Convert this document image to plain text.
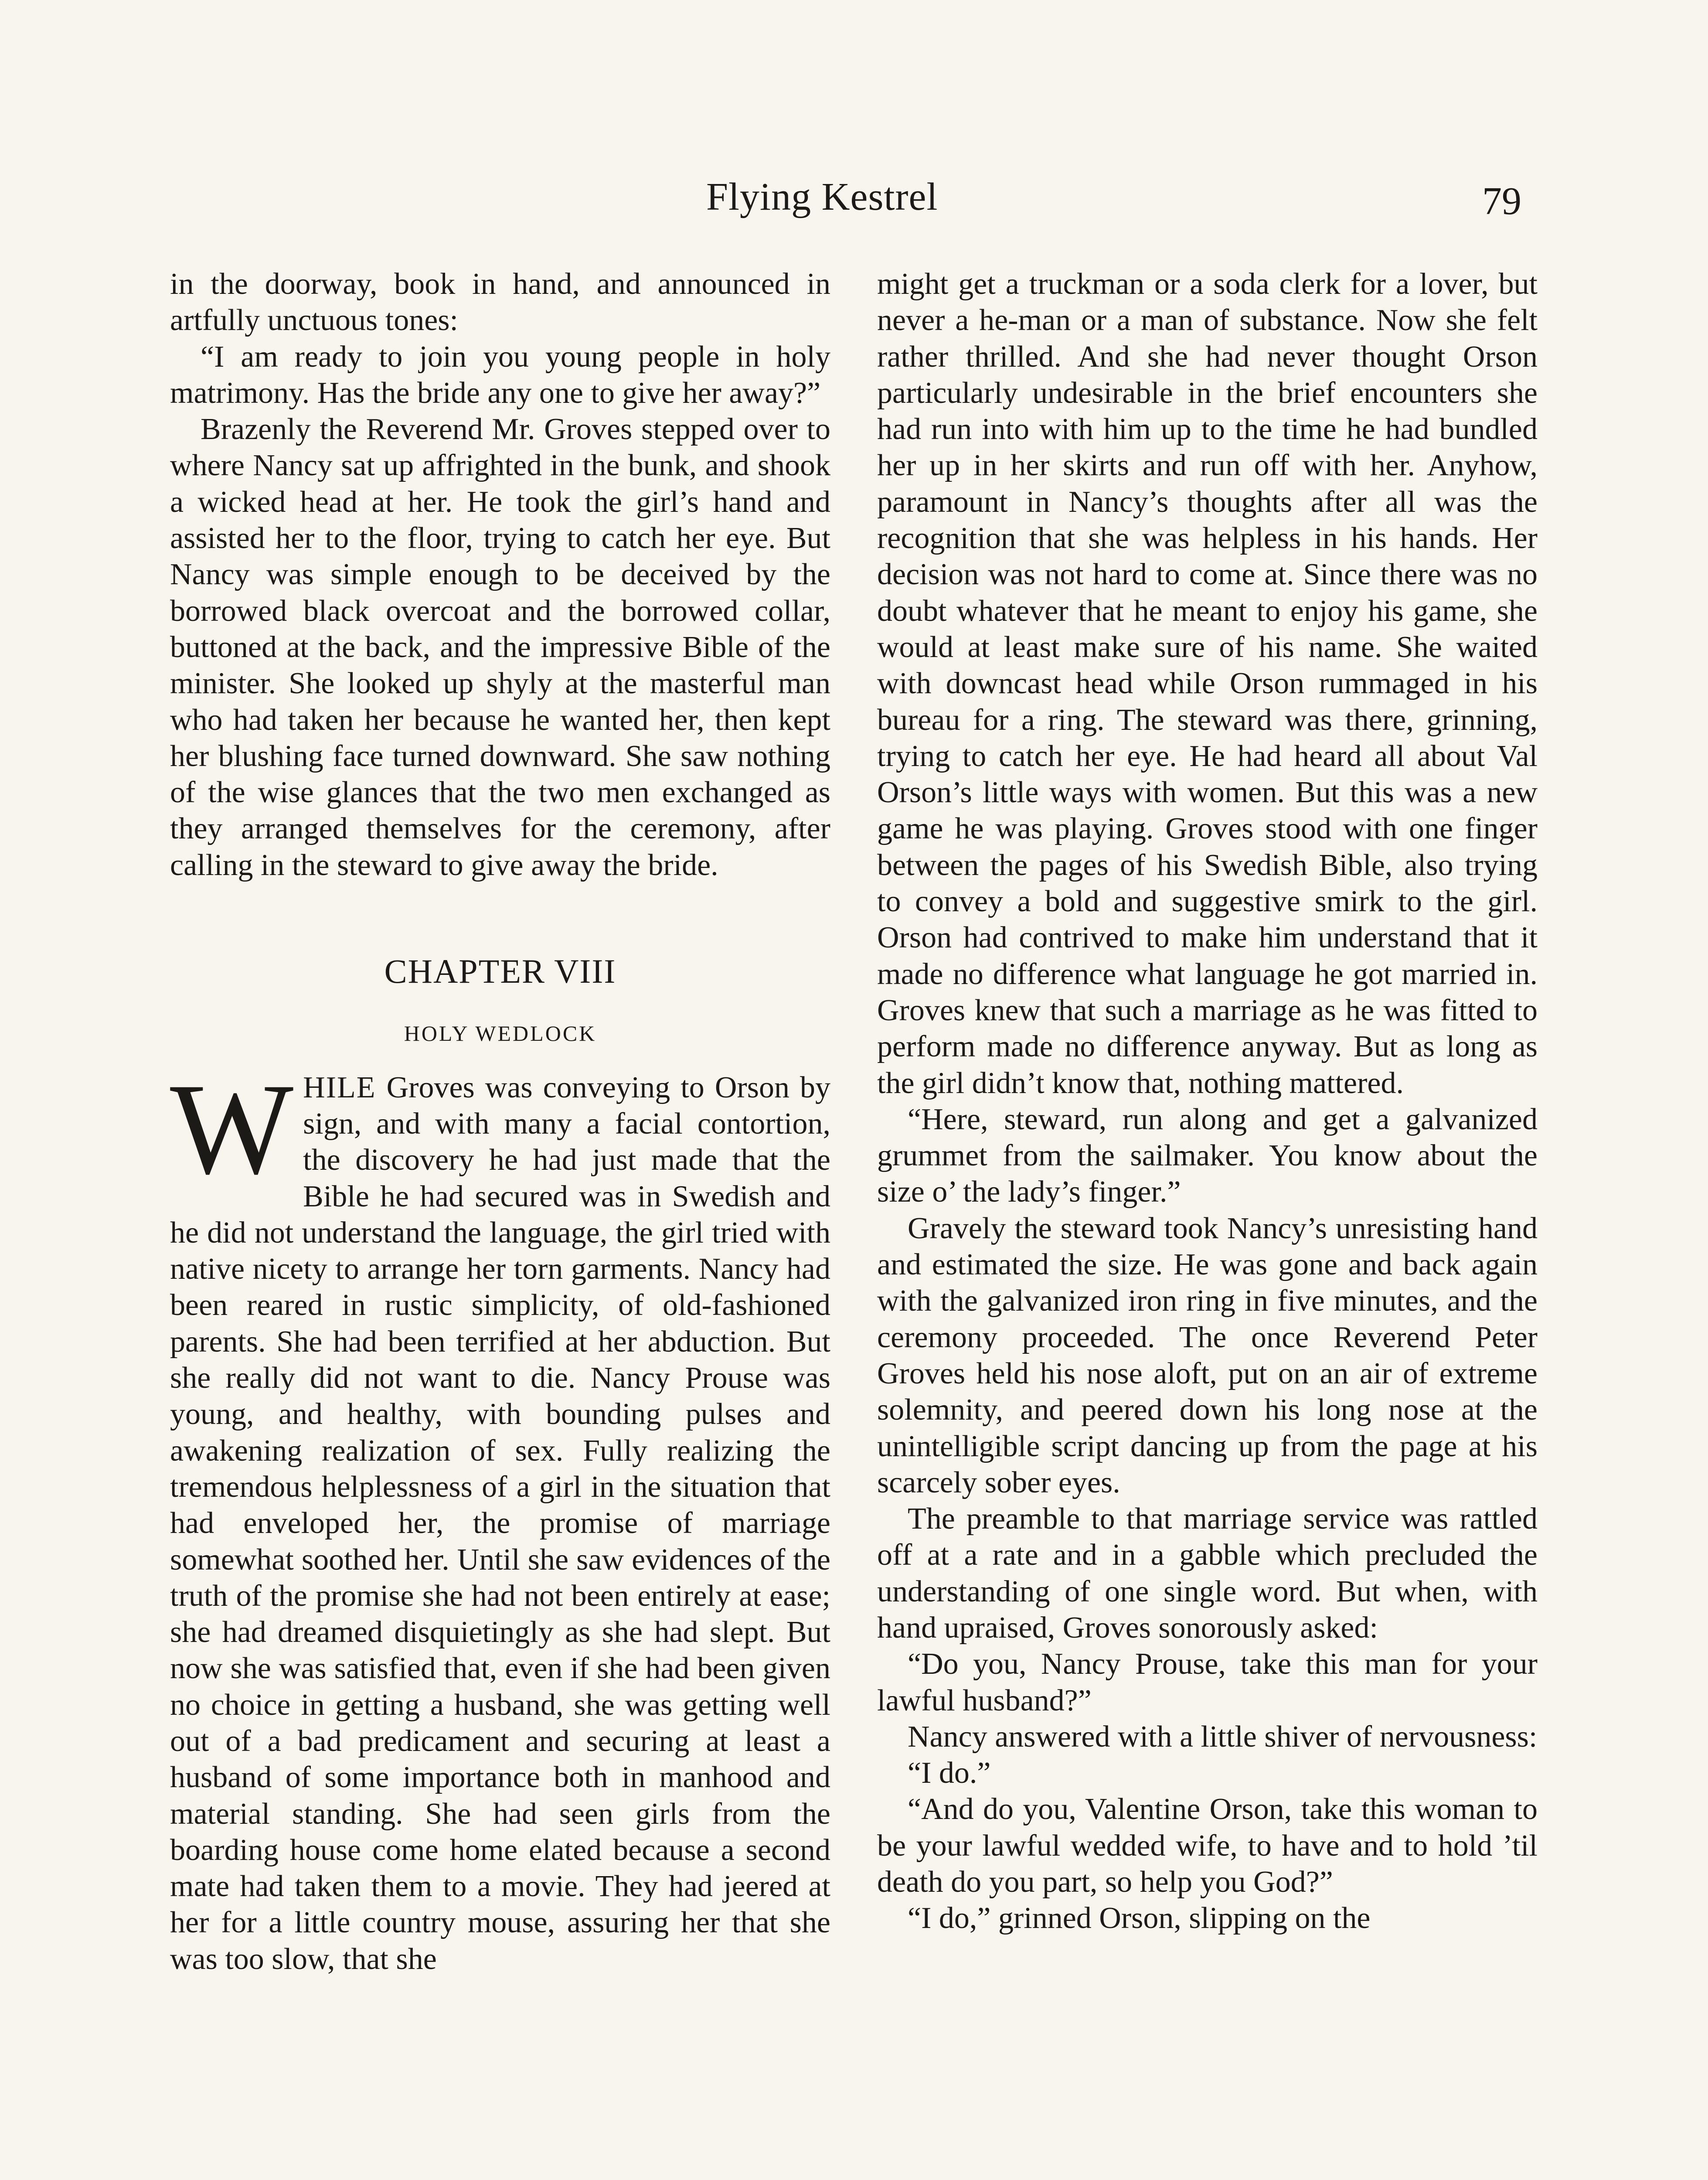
Flying Kestrel	79

in the doorway, book in hand, and announced in artfully unctuous tones:

“I am ready to join you young people in holy matrimony. Has the bride any one to give her away?”

Brazenly the Reverend Mr. Groves stepped over to where Nancy sat up affrighted in the bunk, and shook a wicked head at her. He took the girl’s hand and assisted her to the floor, trying to catch her eye. But Nancy was simple enough to be deceived by the borrowed black overcoat and the borrowed collar, buttoned at the back, and the impressive Bible of the minister. She looked up shyly at the masterful man who had taken her because he wanted her, then kept her blushing face turned downward. She saw nothing of the wise glances that the two men exchanged as they arranged themselves for the ceremony, after calling in the steward to give away the bride.

CHAPTER VIII

HOLY WEDLOCK

WHILE Groves was conveying to Orson by sign, and with many a facial contortion, the discovery he had just made that the Bible he had secured was in Swedish and he did not understand the language, the girl tried with native nicety to arrange her torn garments. Nancy had been reared in rustic simplicity, of old-fashioned parents. She had been terrified at her abduction. But she really did not want to die. Nancy Prouse was young, and healthy, with bounding pulses and awakening realization of sex. Fully realizing the tremendous helplessness of a girl in the situation that had enveloped her, the promise of marriage somewhat soothed her. Until she saw evidences of the truth of the promise she had not been entirely at ease; she had dreamed disquietingly as she had slept. But now she was satisfied that, even if she had been given no choice in getting a husband, she was getting well out of a bad predicament and securing at least a husband of some importance both in manhood and material standing. She had seen girls from the boarding house come home elated because a second mate had taken them to a movie. They had jeered at her for a little country mouse, assuring her that she was too slow, that she

might get a truckman or a soda clerk for a lover, but never a he-man or a man of substance. Now she felt rather thrilled. And she had never thought Orson particularly undesirable in the brief encounters she had run into with him up to the time he had bundled her up in her skirts and run off with her. Anyhow, paramount in Nancy’s thoughts after all was the recognition that she was helpless in his hands. Her decision was not hard to come at. Since there was no doubt whatever that he meant to enjoy his game, she would at least make sure of his name. She waited with downcast head while Orson rummaged in his bureau for a ring. The steward was there, grinning, trying to catch her eye. He had heard all about Val Orson’s little ways with women. But this was a new game he was playing. Groves stood with one finger between the pages of his Swedish Bible, also trying to convey a bold and suggestive smirk to the girl. Orson had contrived to make him understand that it made no difference what language he got married in. Groves knew that such a marriage as he was fitted to perform made no difference anyway. But as long as the girl didn’t know that, nothing mattered.

“Here, steward, run along and get a galvanized grummet from the sailmaker. You know about the size o’ the lady’s finger.”

Gravely the steward took Nancy’s unresisting hand and estimated the size. He was gone and back again with the galvanized iron ring in five minutes, and the ceremony proceeded. The once Reverend Peter Groves held his nose aloft, put on an air of extreme solemnity, and peered down his long nose at the unintelligible script dancing up from the page at his scarcely sober eyes.

The preamble to that marriage service was rattled off at a rate and in a gabble which precluded the understanding of one single word. But when, with hand upraised, Groves sonorously asked:

“Do you, Nancy Prouse, take this man for your lawful husband?”

Nancy answered with a little shiver of nervousness:

“I do.”

“And do you, Valentine Orson, take this woman to be your lawful wedded wife, to have and to hold ’til death do you part, so help you God?”

“I do,” grinned Orson, slipping on the
